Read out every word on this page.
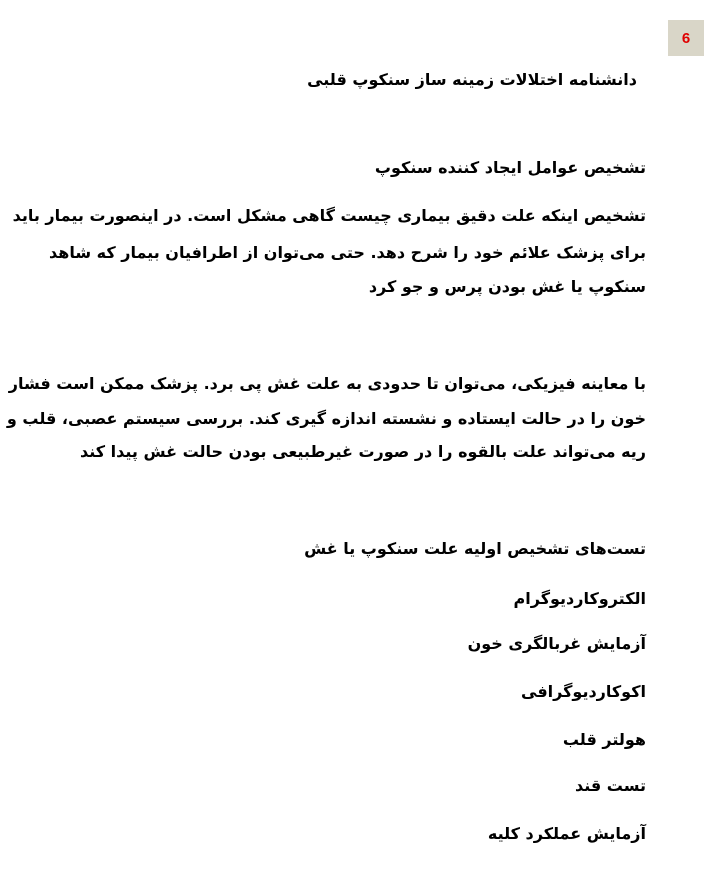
6
دانشنامه اختلالات زمینه ساز سنکوپ قلبی
تشخیص عوامل ایجاد کننده سنکوپ
تشخیص اینکه علت دقیق بیماری چیست گاهی مشکل است. در اینصورت بیمار باید
برای پزشک علائم خود را شرح دهد. حتی می‌توان از اطرافیان بیمار که شاهد
سنکوپ یا غش بودن پرس و جو کرد
با معاینه فیزیکی، می‌توان تا حدودی به علت غش پی برد. پزشک ممکن است فشار
خون را در حالت ایستاده و نشسته اندازه گیری کند. بررسی سیستم عصبی، قلب و
ریه می‌تواند علت بالقوه را در صورت غیرطبیعی بودن حالت غش پیدا کند
تست‌های تشخیص اولیه علت سنکوپ یا غش
الکتروکاردیوگرام
آزمایش غربالگری خون
اکوکاردیوگرافی
هولتر قلب
تست قند
آزمایش عملکرد کلیه
